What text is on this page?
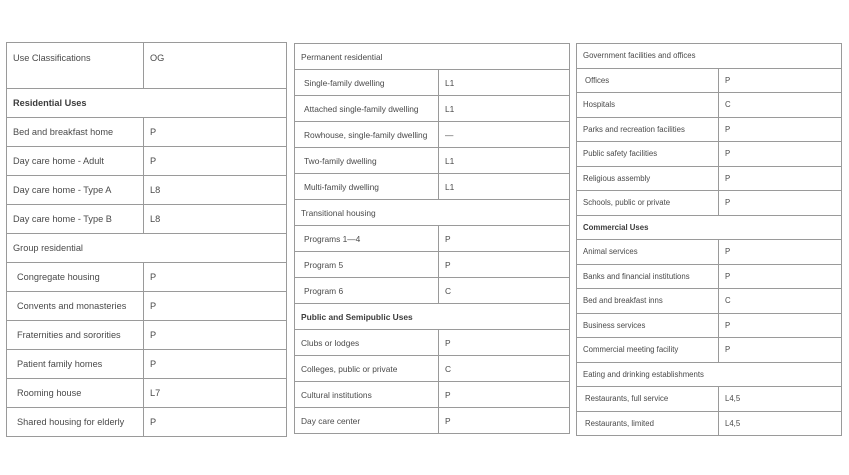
Use Classifications	OG
Residential Uses	
Bed and breakfast home	P
Day care home - Adult	P
Day care home - Type A	L8
Day care home - Type B	L8
Group residential	
Congregate housing	P
Convents and monasteries	P
Fraternities and sororities	P
Patient family homes	P
Rooming house	L7
Shared housing for elderly	P
Permanent residential	
Single-family dwelling	L1
Attached single-family dwelling	L1
Rowhouse, single-family dwelling	—
Two-family dwelling	L1
Multi-family dwelling	L1
Transitional housing	
Programs 1—4	P
Program 5	P
Program 6	C
Public and Semipublic Uses	
Clubs or lodges	P
Colleges, public or private	C
Cultural institutions	P
Day care center	P
Government facilities and offices	
Offices	P
Hospitals	C
Parks and recreation facilities	P
Public safety facilities	P
Religious assembly	P
Schools, public or private	P
Commercial Uses	
Animal services	P
Banks and financial institutions	P
Bed and breakfast inns	C
Business services	P
Commercial meeting facility	P
Eating and drinking establishments	
Restaurants, full service	L4,5
Restaurants, limited	L4,5
